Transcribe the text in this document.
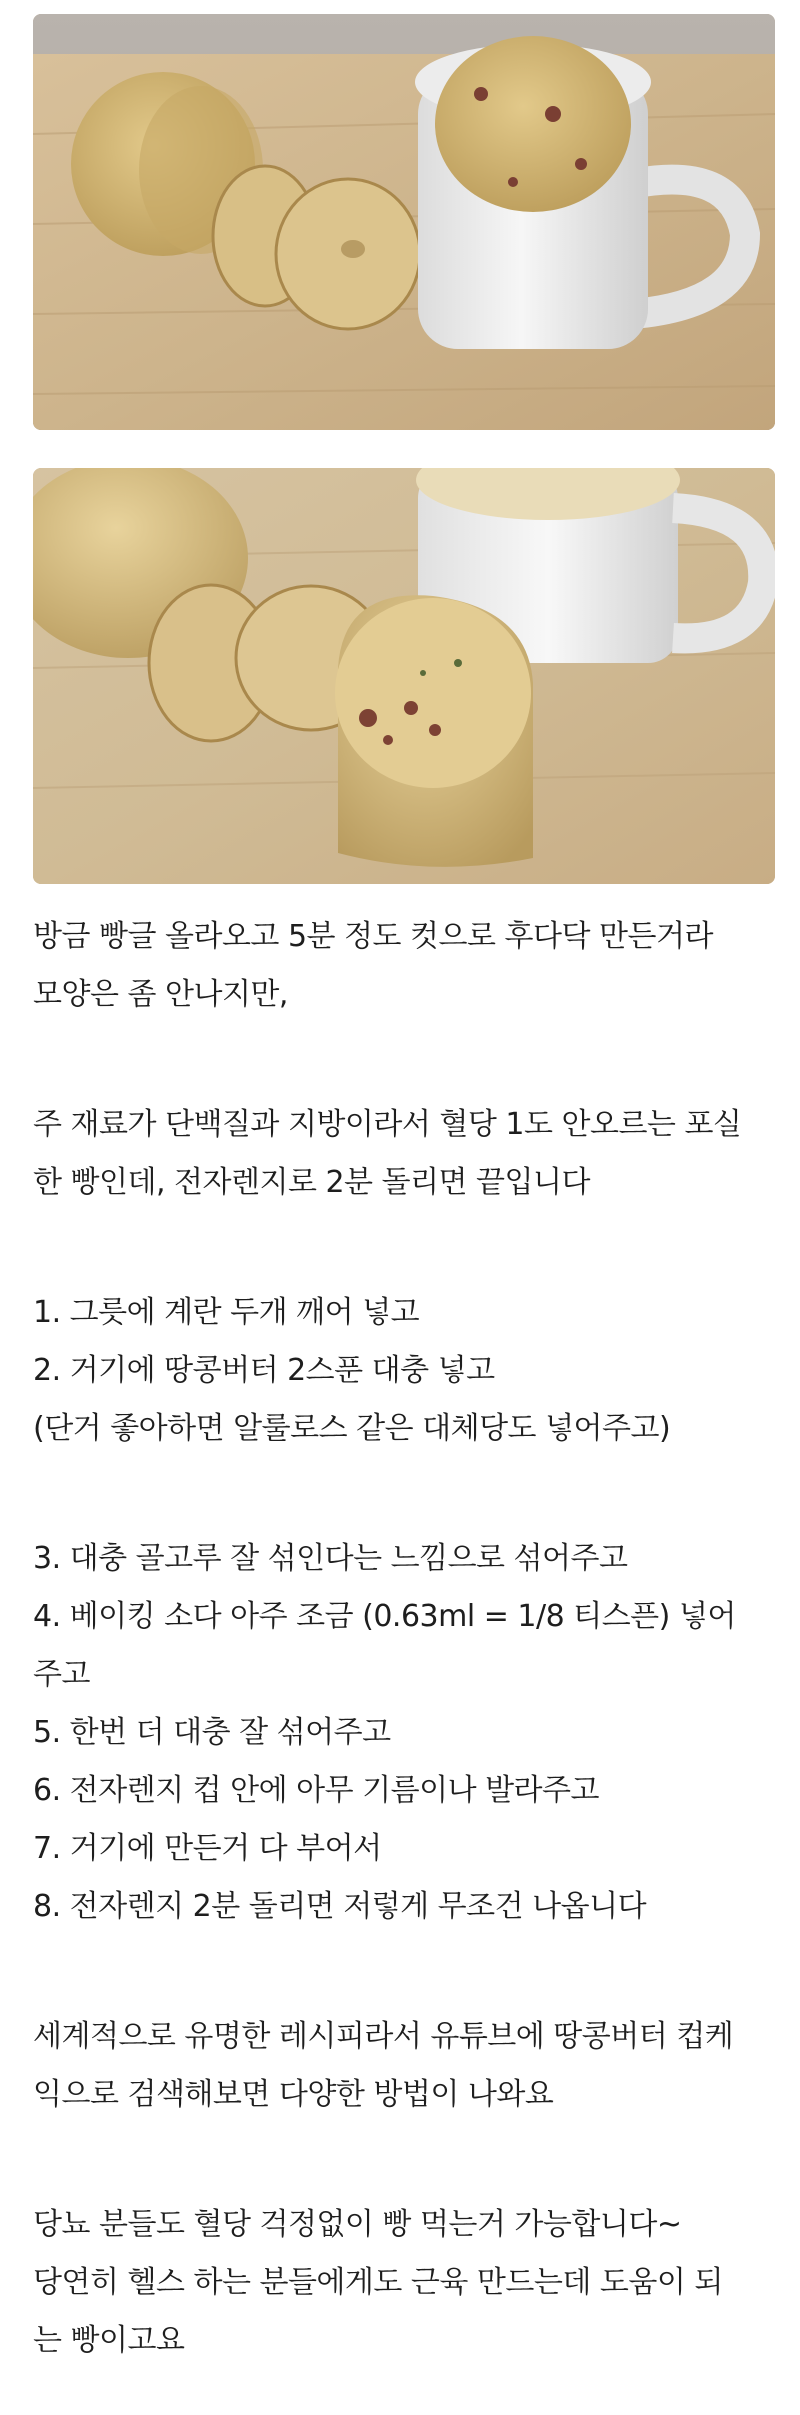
방금 빵글 올라오고 5분 정도 컷으로 후다닥 만든거라

모양은 좀 안나지만,

주 재료가 단백질과 지방이라서 혈당 1도 안오르는 포실

한 빵인데, 전자렌지로 2분 돌리면 끝입니다

1. 그릇에 계란 두개 깨어 넣고

2. 거기에 땅콩버터 2스푼 대충 넣고

(단거 좋아하면 알룰로스 같은 대체당도 넣어주고)

3. 대충 골고루 잘 섞인다는 느낌으로 섞어주고

4. 베이킹 소다 아주 조금 (0.63ml = 1/8 티스픈) 넣어

주고

5. 한번 더 대충 잘 섞어주고

6. 전자렌지 컵 안에 아무 기름이나 발라주고

7. 거기에 만든거 다 부어서

8. 전자렌지 2분 돌리면 저렇게 무조건 나옵니다

세계적으로 유명한 레시피라서 유튜브에 땅콩버터 컵케

익으로 검색해보면 다양한 방법이 나와요

당뇨 분들도 혈당 걱정없이 빵 먹는거 가능합니다~

당연히 헬스 하는 분들에게도 근육 만드는데 도움이 되

는 빵이고요
